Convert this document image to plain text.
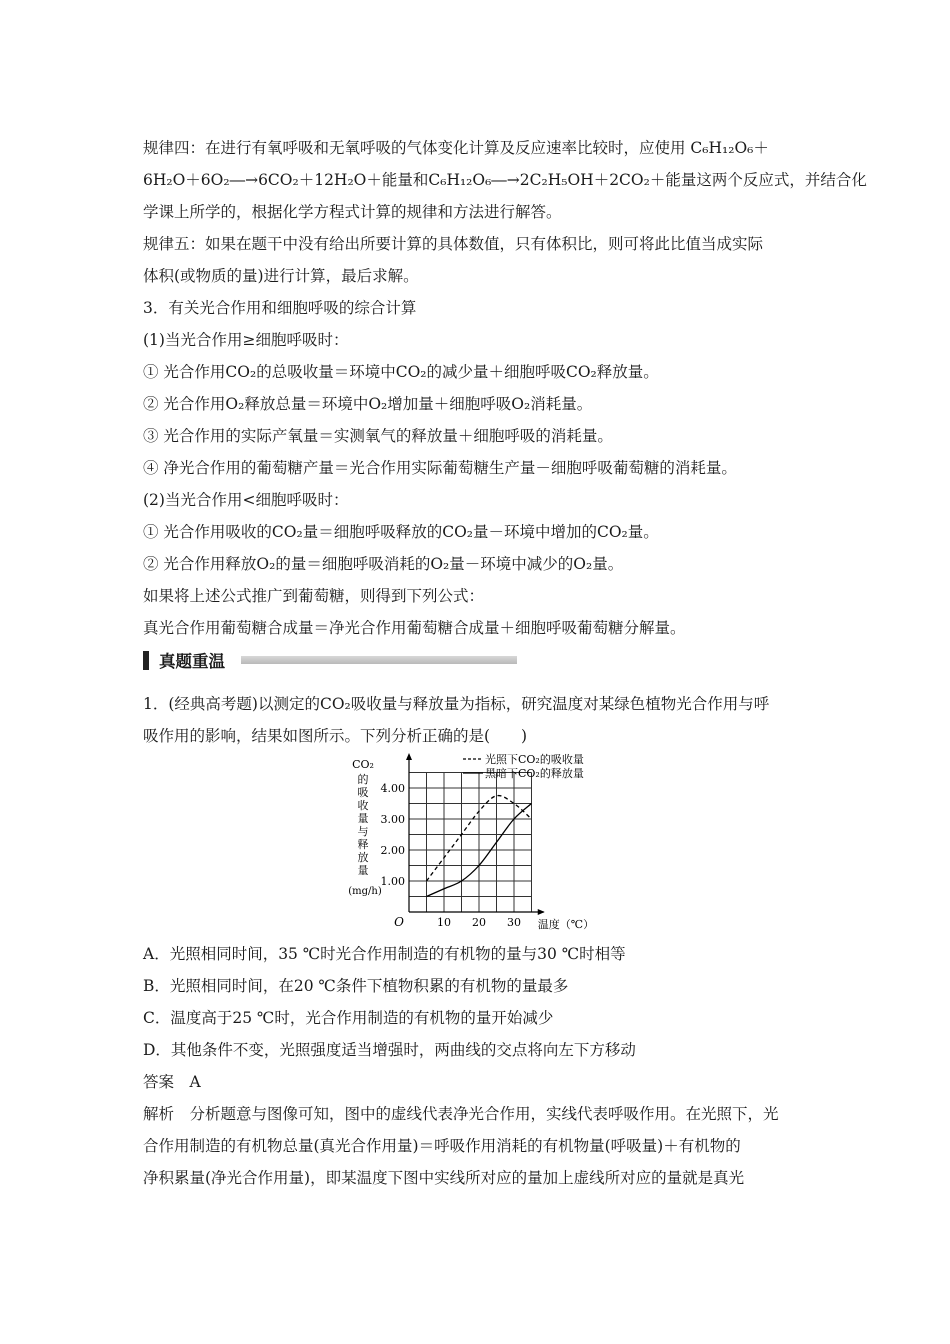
规律四：在进行有氧呼吸和无氧呼吸的气体变化计算及反应速率比较时，应使用 C₆H₁₂O₆＋

6H₂O＋6O₂―→6CO₂＋12H₂O＋能量和C₆H₁₂O₆―→2C₂H₅OH＋2CO₂＋能量这两个反应式，并结合化

学课上所学的，根据化学方程式计算的规律和方法进行解答。

规律五：如果在题干中没有给出所要计算的具体数值，只有体积比，则可将此比值当成实际

体积(或物质的量)进行计算，最后求解。

3．有关光合作用和细胞呼吸的综合计算

(1)当光合作用≥细胞呼吸时：

① 光合作用CO₂的总吸收量＝环境中CO₂的减少量＋细胞呼吸CO₂释放量。

② 光合作用O₂释放总量＝环境中O₂增加量＋细胞呼吸O₂消耗量。

③ 光合作用的实际产氧量＝实测氧气的释放量＋细胞呼吸的消耗量。

④ 净光合作用的葡萄糖产量＝光合作用实际葡萄糖生产量－细胞呼吸葡萄糖的消耗量。

(2)当光合作用<细胞呼吸时：

① 光合作用吸收的CO₂量＝细胞呼吸释放的CO₂量－环境中增加的CO₂量。

② 光合作用释放O₂的量＝细胞呼吸消耗的O₂量－环境中减少的O₂量。

如果将上述公式推广到葡萄糖，则得到下列公式：

真光合作用葡萄糖合成量＝净光合作用葡萄糖合成量＋细胞呼吸葡萄糖分解量。

真题重温

1．(经典高考题)以测定的CO₂吸收量与释放量为指标，研究温度对某绿色植物光合作用与呼

吸作用的影响，结果如图所示。下列分析正确的是(　　)

1.00
2.00
3.00
4.00
10 20 30
O	温度（℃）
CO₂
的
吸
收
量
与
释
放
量
(mg/h)
光照下CO₂的吸收量
黑暗下CO₂的释放量

A．光照相同时间，35 ℃时光合作用制造的有机物的量与30 ℃时相等

B．光照相同时间，在20 ℃条件下植物积累的有机物的量最多

C．温度高于25 ℃时，光合作用制造的有机物的量开始减少

D．其他条件不变，光照强度适当增强时，两曲线的交点将向左下方移动

答案　A

解析　分析题意与图像可知，图中的虚线代表净光合作用，实线代表呼吸作用。在光照下，光

合作用制造的有机物总量(真光合作用量)＝呼吸作用消耗的有机物量(呼吸量)＋有机物的

净积累量(净光合作用量)，即某温度下图中实线所对应的量加上虚线所对应的量就是真光
